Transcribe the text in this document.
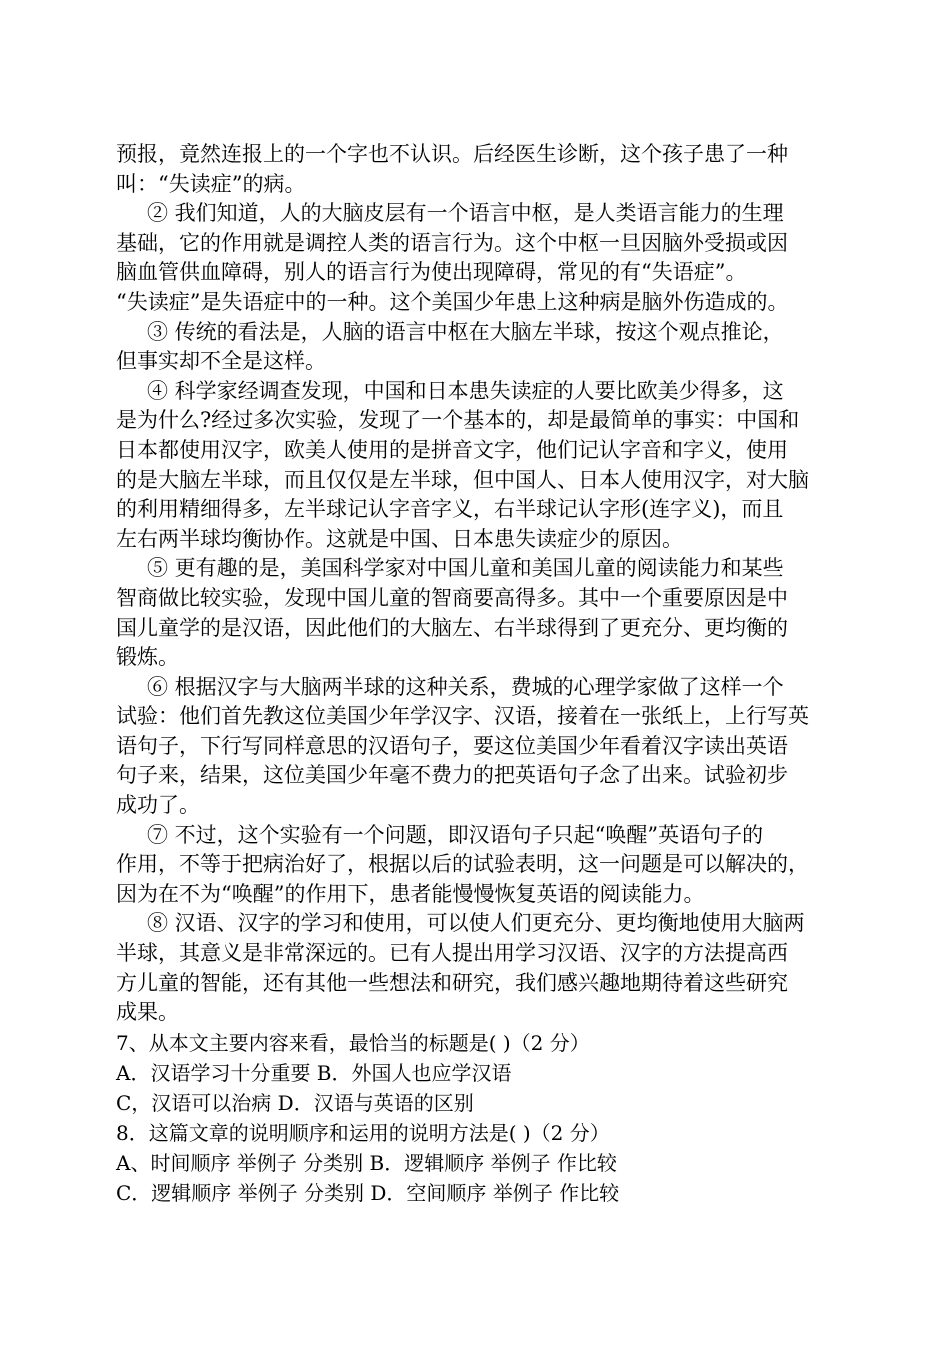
预报，竟然连报上的一个字也不认识。后经医生诊断，这个孩子患了一种
叫：“失读症”的病。
② 我们知道，人的大脑皮层有一个语言中枢，是人类语言能力的生理
基础，它的作用就是调控人类的语言行为。这个中枢一旦因脑外受损或因
脑血管供血障碍，别人的语言行为使出现障碍，常见的有“失语症”。
“失读症”是失语症中的一种。这个美国少年患上这种病是脑外伤造成的。
③ 传统的看法是，人脑的语言中枢在大脑左半球，按这个观点推论，
但事实却不全是这样。
④ 科学家经调查发现，中国和日本患失读症的人要比欧美少得多，这
是为什么?经过多次实验，发现了一个基本的，却是最简单的事实：中国和
日本都使用汉字，欧美人使用的是拼音文字，他们记认字音和字义，使用
的是大脑左半球，而且仅仅是左半球，但中国人、日本人使用汉字，对大脑
的利用精细得多，左半球记认字音字义，右半球记认字形(连字义)，而且
左右两半球均衡协作。这就是中国、日本患失读症少的原因。
⑤ 更有趣的是，美国科学家对中国儿童和美国儿童的阅读能力和某些
智商做比较实验，发现中国儿童的智商要高得多。其中一个重要原因是中
国儿童学的是汉语，因此他们的大脑左、右半球得到了更充分、更均衡的
锻炼。
⑥ 根据汉字与大脑两半球的这种关系，费城的心理学家做了这样一个
试验：他们首先教这位美国少年学汉字、汉语，接着在一张纸上，上行写英
语句子，下行写同样意思的汉语句子，要这位美国少年看着汉字读出英语
句子来，结果，这位美国少年毫不费力的把英语句子念了出来。试验初步
成功了。
⑦ 不过，这个实验有一个问题，即汉语句子只起“唤醒”英语句子的
作用，不等于把病治好了，根据以后的试验表明，这一问题是可以解决的，
因为在不为“唤醒”的作用下，患者能慢慢恢复英语的阅读能力。
⑧ 汉语、汉字的学习和使用，可以使人们更充分、更均衡地使用大脑两
半球，其意义是非常深远的。已有人提出用学习汉语、汉字的方法提高西
方儿童的智能，还有其他一些想法和研究，我们感兴趣地期待着这些研究
成果。
7、从本文主要内容来看，最恰当的标题是( )（2 分）
A．汉语学习十分重要 B．外国人也应学汉语
C，汉语可以治病 D．汉语与英语的区别
8．这篇文章的说明顺序和运用的说明方法是( )（2 分）
A、时间顺序 举例子 分类别 B．逻辑顺序 举例子 作比较
C．逻辑顺序 举例子 分类别 D．空间顺序 举例子 作比较
